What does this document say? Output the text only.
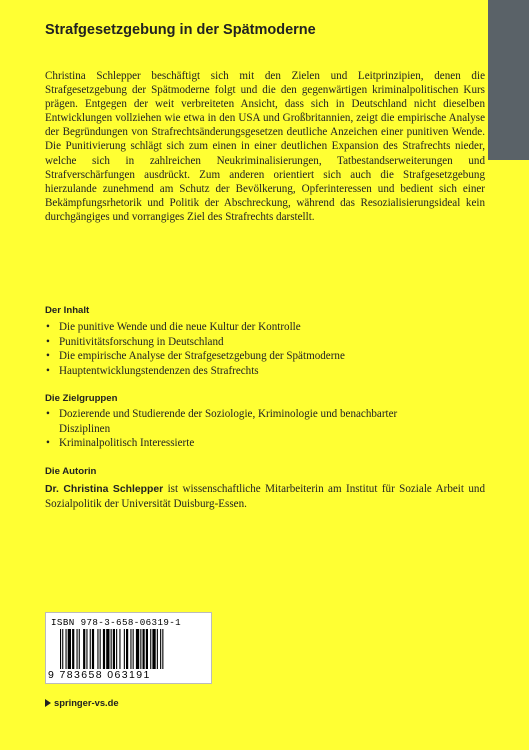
Strafgesetzgebung in der Spätmoderne

Christina Schlepper beschäftigt sich mit den Zielen und Leitprinzipien, denen die Strafgesetzgebung der Spätmoderne folgt und die den gegenwärtigen kriminalpolitischen Kurs prägen. Entgegen der weit verbreiteten Ansicht, dass sich in Deutschland nicht dieselben Entwicklungen vollziehen wie etwa in den USA und Großbritannien, zeigt die empirische Analyse der Begründungen von Strafrechtsänderungsgesetzen deutliche Anzeichen einer punitiven Wende. Die Punitivierung schlägt sich zum einen in einer deutlichen Expansion des Strafrechts nieder, welche sich in zahlreichen Neukriminalisierungen, Tatbestandserweiterungen und Strafverschärfungen ausdrückt. Zum anderen orientiert sich auch die Strafgesetzgebung hierzulande zunehmend am Schutz der Bevölkerung, Opferinteressen und bedient sich einer Bekämpfungsrhetorik und Politik der Abschreckung, während das Resozialisierungsideal kein durchgängiges und vorrangiges Ziel des Strafrechts darstellt.

Der Inhalt
• Die punitive Wende und die neue Kultur der Kontrolle
• Punitivitätsforschung in Deutschland
• Die empirische Analyse der Strafgesetzgebung der Spätmoderne
• Hauptentwicklungstendenzen des Strafrechts
Die Zielgruppen
• Dozierende und Studierende der Soziologie, Kriminologie und benachbarter Disziplinen
• Kriminalpolitisch Interessierte
Die Autorin

Dr. Christina Schlepper ist wissenschaftliche Mitarbeiterin am Institut für Soziale Arbeit und Sozialpolitik der Universität Duisburg-Essen.

ISBN 978-3-658-06319-1
9 783658 063191
springer-vs.de
